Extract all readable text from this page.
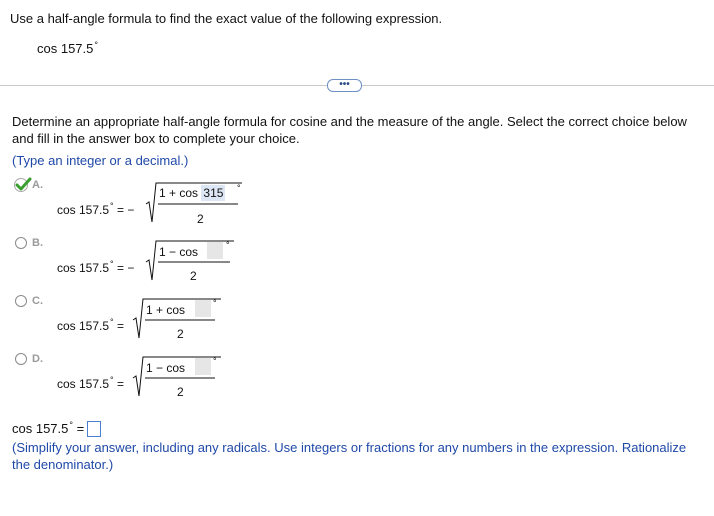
Use a half-angle formula to find the exact value of the following expression.
cos 157.5°
•••
Determine an appropriate half-angle formula for cosine and the measure of the angle. Select the correct choice below and fill in the answer box to complete your choice.
(Type an integer or a decimal.)
A.
cos 157.5° = −
1 + cos 315 °
2
B.
cos 157.5° = −
1 − cos	°
2
C.
cos 157.5° =
1 + cos	°
2
D.
cos 157.5° =
1 − cos	°
2
cos 157.5° =
(Simplify your answer, including any radicals. Use integers or fractions for any numbers in the expression. Rationalize the denominator.)
